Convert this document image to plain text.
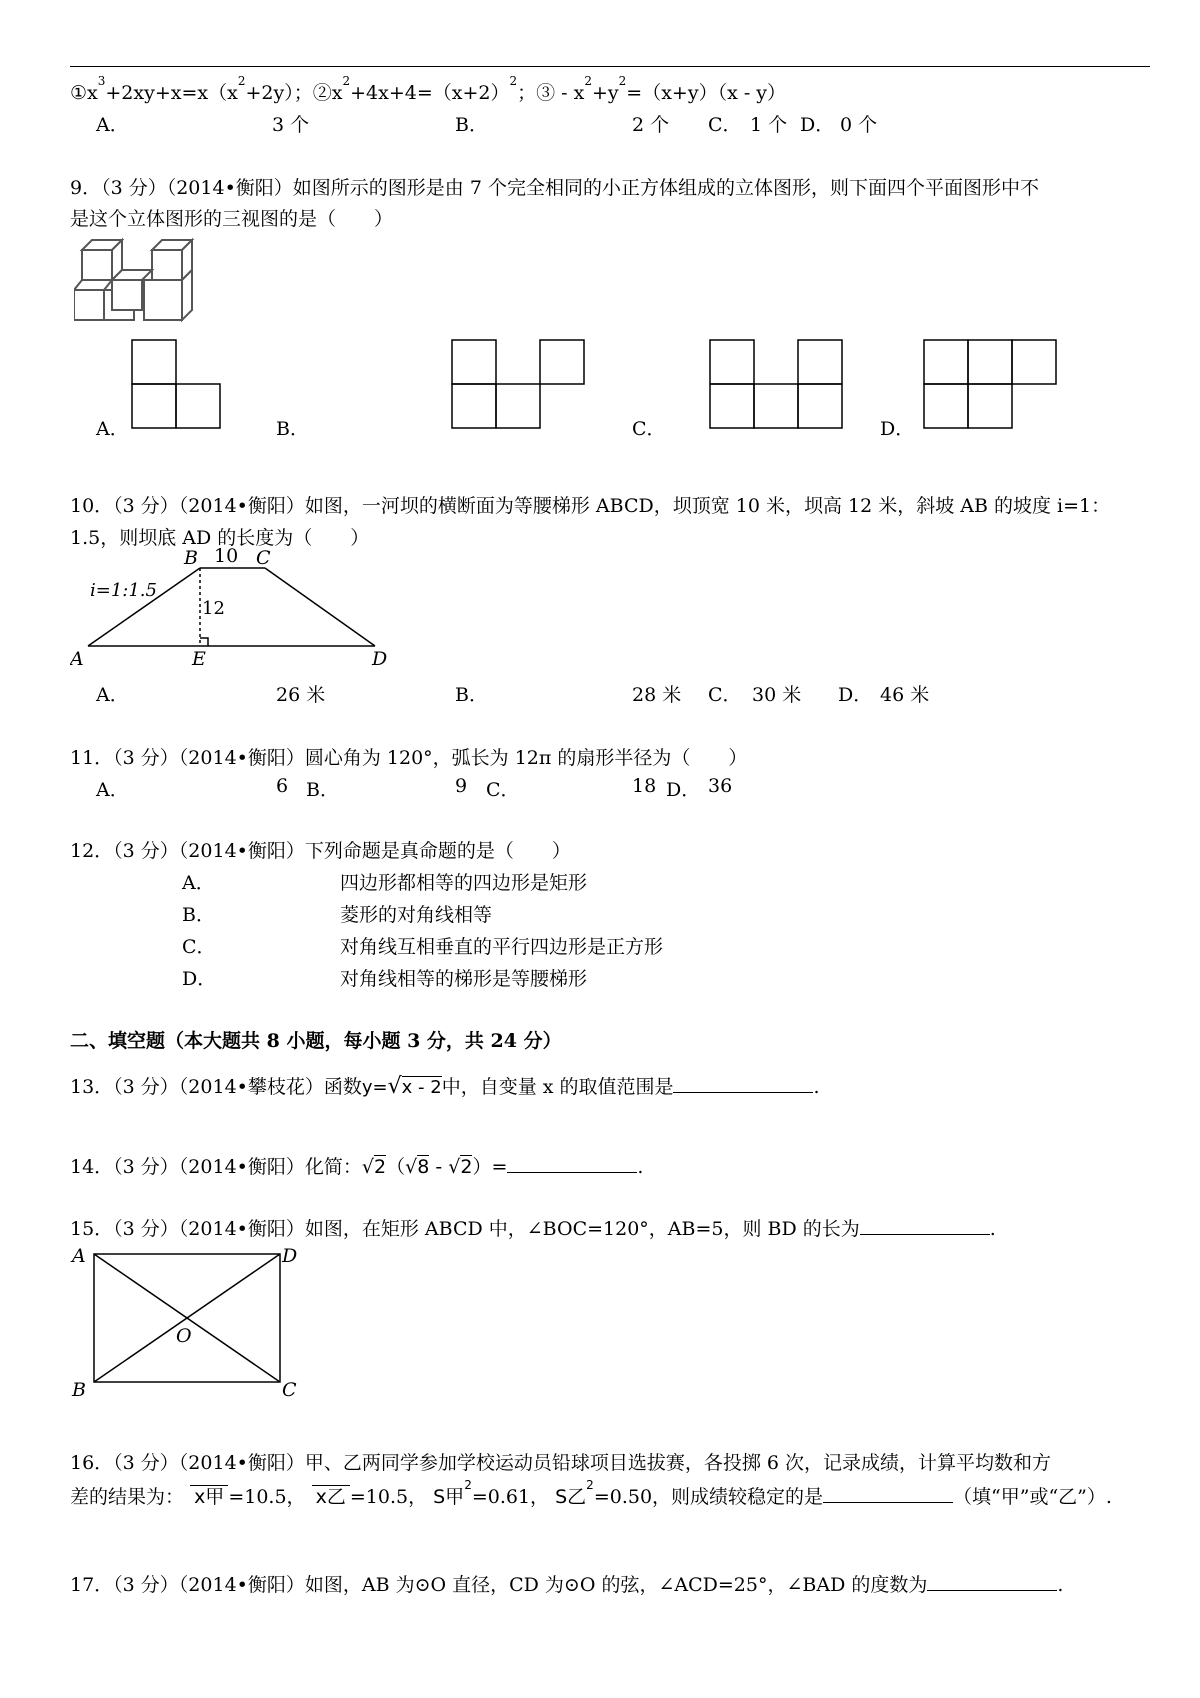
$①x^3+2xy+x=x(x^2+2y)$；$②x^2+4x+4=(x+2)^2$；③ - $x^2+y^2=(x+y)(x - y)$
A．	3 个	B．	2 个 C． 1 个 D． 0 个
9．（3 分）（2014•衡阳）如图所示的图形是由 7 个完全相同的小正方体组成的立体图形，则下面四个平面图形中不
是这个立体图形的三视图的是（　　）
A．	B．	C．	D．
10．（3 分）（2014•衡阳）如图，一河坝的横断面为等腰梯形 ABCD，坝顶宽 10 米，坝高 12 米，斜坡 AB 的坡度 i=1：
1.5，则坝底 AD 的长度为（　　）
B	C
10
12
i=1:1.5
A	E	D
A．	26 米	B．	28 米 C． 30 米 D． 46 米
11．（3 分）（2014•衡阳）圆心角为 120°，弧长为 12π 的扇形半径为（　　）
A．	6 B．	9 C．	18 D． 36
12．（3 分）（2014•衡阳）下列命题是真命题的是（　　）
A．	四边形都相等的四边形是矩形
B．	菱形的对角线相等
C．	对角线互相垂直的平行四边形是正方形
D．	对角线相等的梯形是等腰梯形
二、填空题（本大题共 8 小题，每小题 3 分，共 24 分）
13．（3 分）（2014•攀枝花）函数y=√x - 2中，自变量 x 的取值范围是	.
14．（3 分）（2014•衡阳）化简：√2（√8 - √2）=	.
15．（3 分）（2014•衡阳）如图，在矩形 ABCD 中，∠BOC=120°，AB=5，则 BD 的长为	.
A	D
B	C
O
16．（3 分）（2014•衡阳）甲、乙两同学参加学校运动员铅球项目选拔赛，各投掷 6 次，记录成绩，计算平均数和方
差的结果为： x甲 =10.5， x乙 =10.5， S甲$^2$=0.61， S乙$^2$=0.50，则成绩较稳定的是	（填“甲”或“乙”）.
17．（3 分）（2014•衡阳）如图，AB 为⊙O 直径，CD 为⊙O 的弦，∠ACD=25°，∠BAD 的度数为	.
